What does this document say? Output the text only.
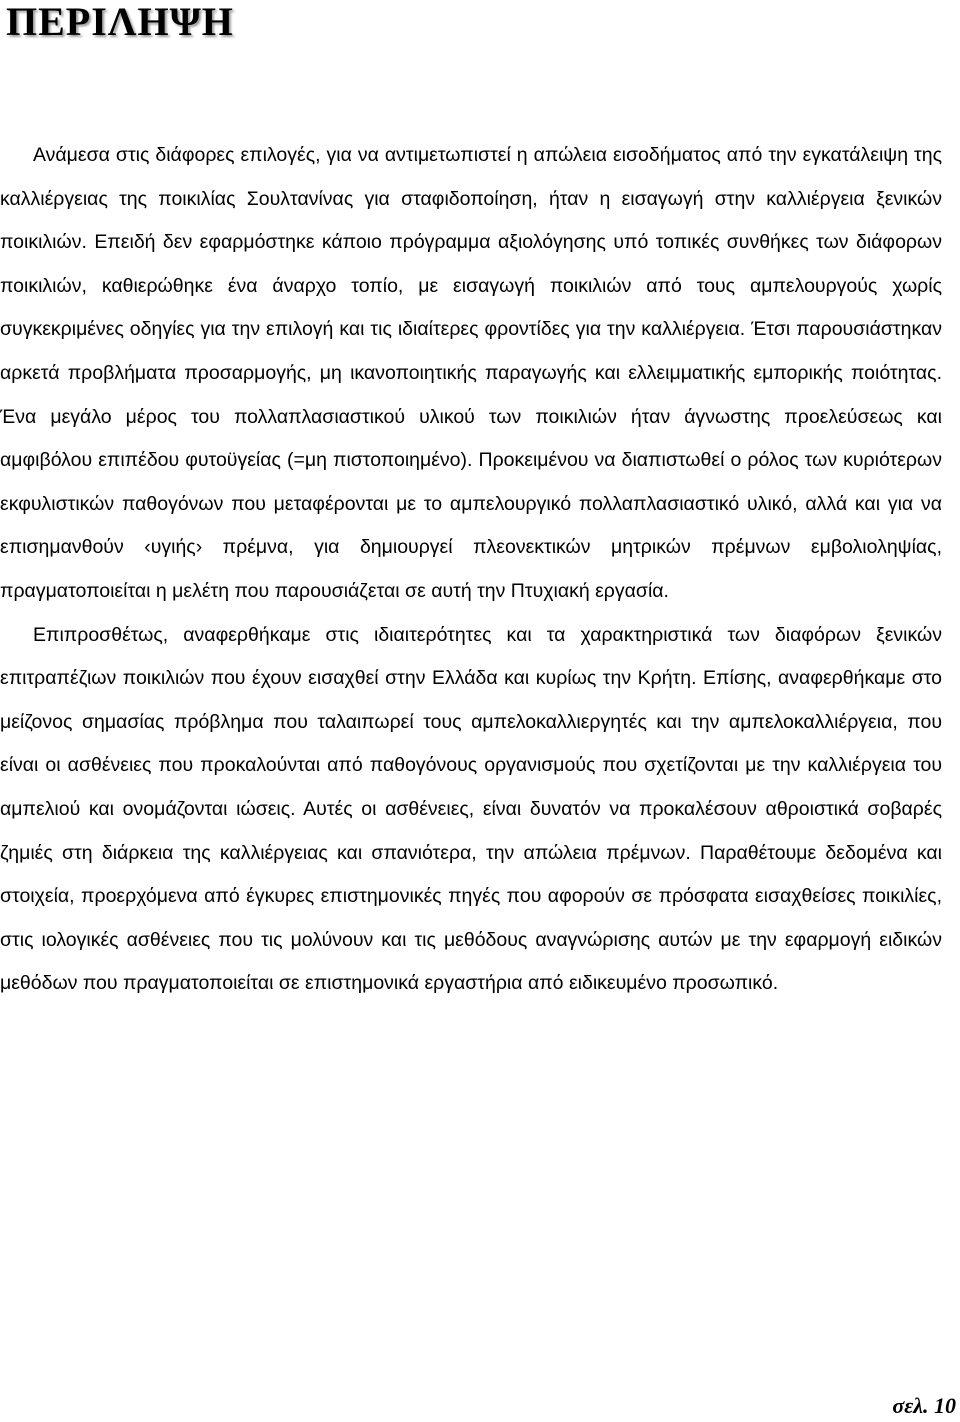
ΠΕΡΙΛΗΨΗ

Ανάμεσα στις διάφορες επιλογές, για να αντιμετωπιστεί η απώλεια εισοδήματος από την εγκατάλειψη της καλλιέργειας της ποικιλίας Σουλτανίνας για σταφιδοποίηση, ήταν η εισαγωγή στην καλλιέργεια ξενικών ποικιλιών. Επειδή δεν εφαρμόστηκε κάποιο πρόγραμμα αξιολόγησης υπό τοπικές συνθήκες των διάφορων ποικιλιών, καθιερώθηκε ένα άναρχο τοπίο, με εισαγωγή ποικιλιών από τους αμπελουργούς χωρίς συγκεκριμένες οδηγίες για την επιλογή και τις ιδιαίτερες φροντίδες για την καλλιέργεια. Έτσι παρουσιάστηκαν αρκετά προβλήματα προσαρμογής, μη ικανοποιητικής παραγωγής και ελλειμματικής εμπορικής ποιότητας. Ένα μεγάλο μέρος του πολλαπλασιαστικού υλικού των ποικιλιών ήταν άγνωστης προελεύσεως και αμφιβόλου επιπέδου φυτοϋγείας (=μη πιστοποιημένο). Προκειμένου να διαπιστωθεί ο ρόλος των κυριότερων εκφυλιστικών παθογόνων που μεταφέρονται με το αμπελουργικό πολλαπλασιαστικό υλικό, αλλά και για να επισημανθούν ‹υγιής› πρέμνα, για δημιουργεί πλεονεκτικών μητρικών πρέμνων εμβολιοληψίας, πραγματοποιείται η μελέτη που παρουσιάζεται σε αυτή την Πτυχιακή εργασία.

Επιπροσθέτως, αναφερθήκαμε στις ιδιαιτερότητες και τα χαρακτηριστικά των διαφόρων ξενικών επιτραπέζιων ποικιλιών που έχουν εισαχθεί στην Ελλάδα και κυρίως την Κρήτη. Επίσης, αναφερθήκαμε στο μείζονος σημασίας πρόβλημα που ταλαιπωρεί τους αμπελοκαλλιεργητές και την αμπελοκαλλιέργεια, που είναι οι ασθένειες που προκαλούνται από παθογόνους οργανισμούς που σχετίζονται με την καλλιέργεια του αμπελιού και ονομάζονται ιώσεις. Αυτές οι ασθένειες, είναι δυνατόν να προκαλέσουν αθροιστικά σοβαρές ζημιές στη διάρκεια της καλλιέργειας και σπανιότερα, την απώλεια πρέμνων. Παραθέτουμε δεδομένα και στοιχεία, προερχόμενα από έγκυρες επιστημονικές πηγές που αφορούν σε πρόσφατα εισαχθείσες ποικιλίες, στις ιολογικές ασθένειες που τις μολύνουν και τις μεθόδους αναγνώρισης αυτών με την εφαρμογή ειδικών μεθόδων που πραγματοποιείται σε επιστημονικά εργαστήρια από ειδικευμένο προσωπικό.

σελ. 10
